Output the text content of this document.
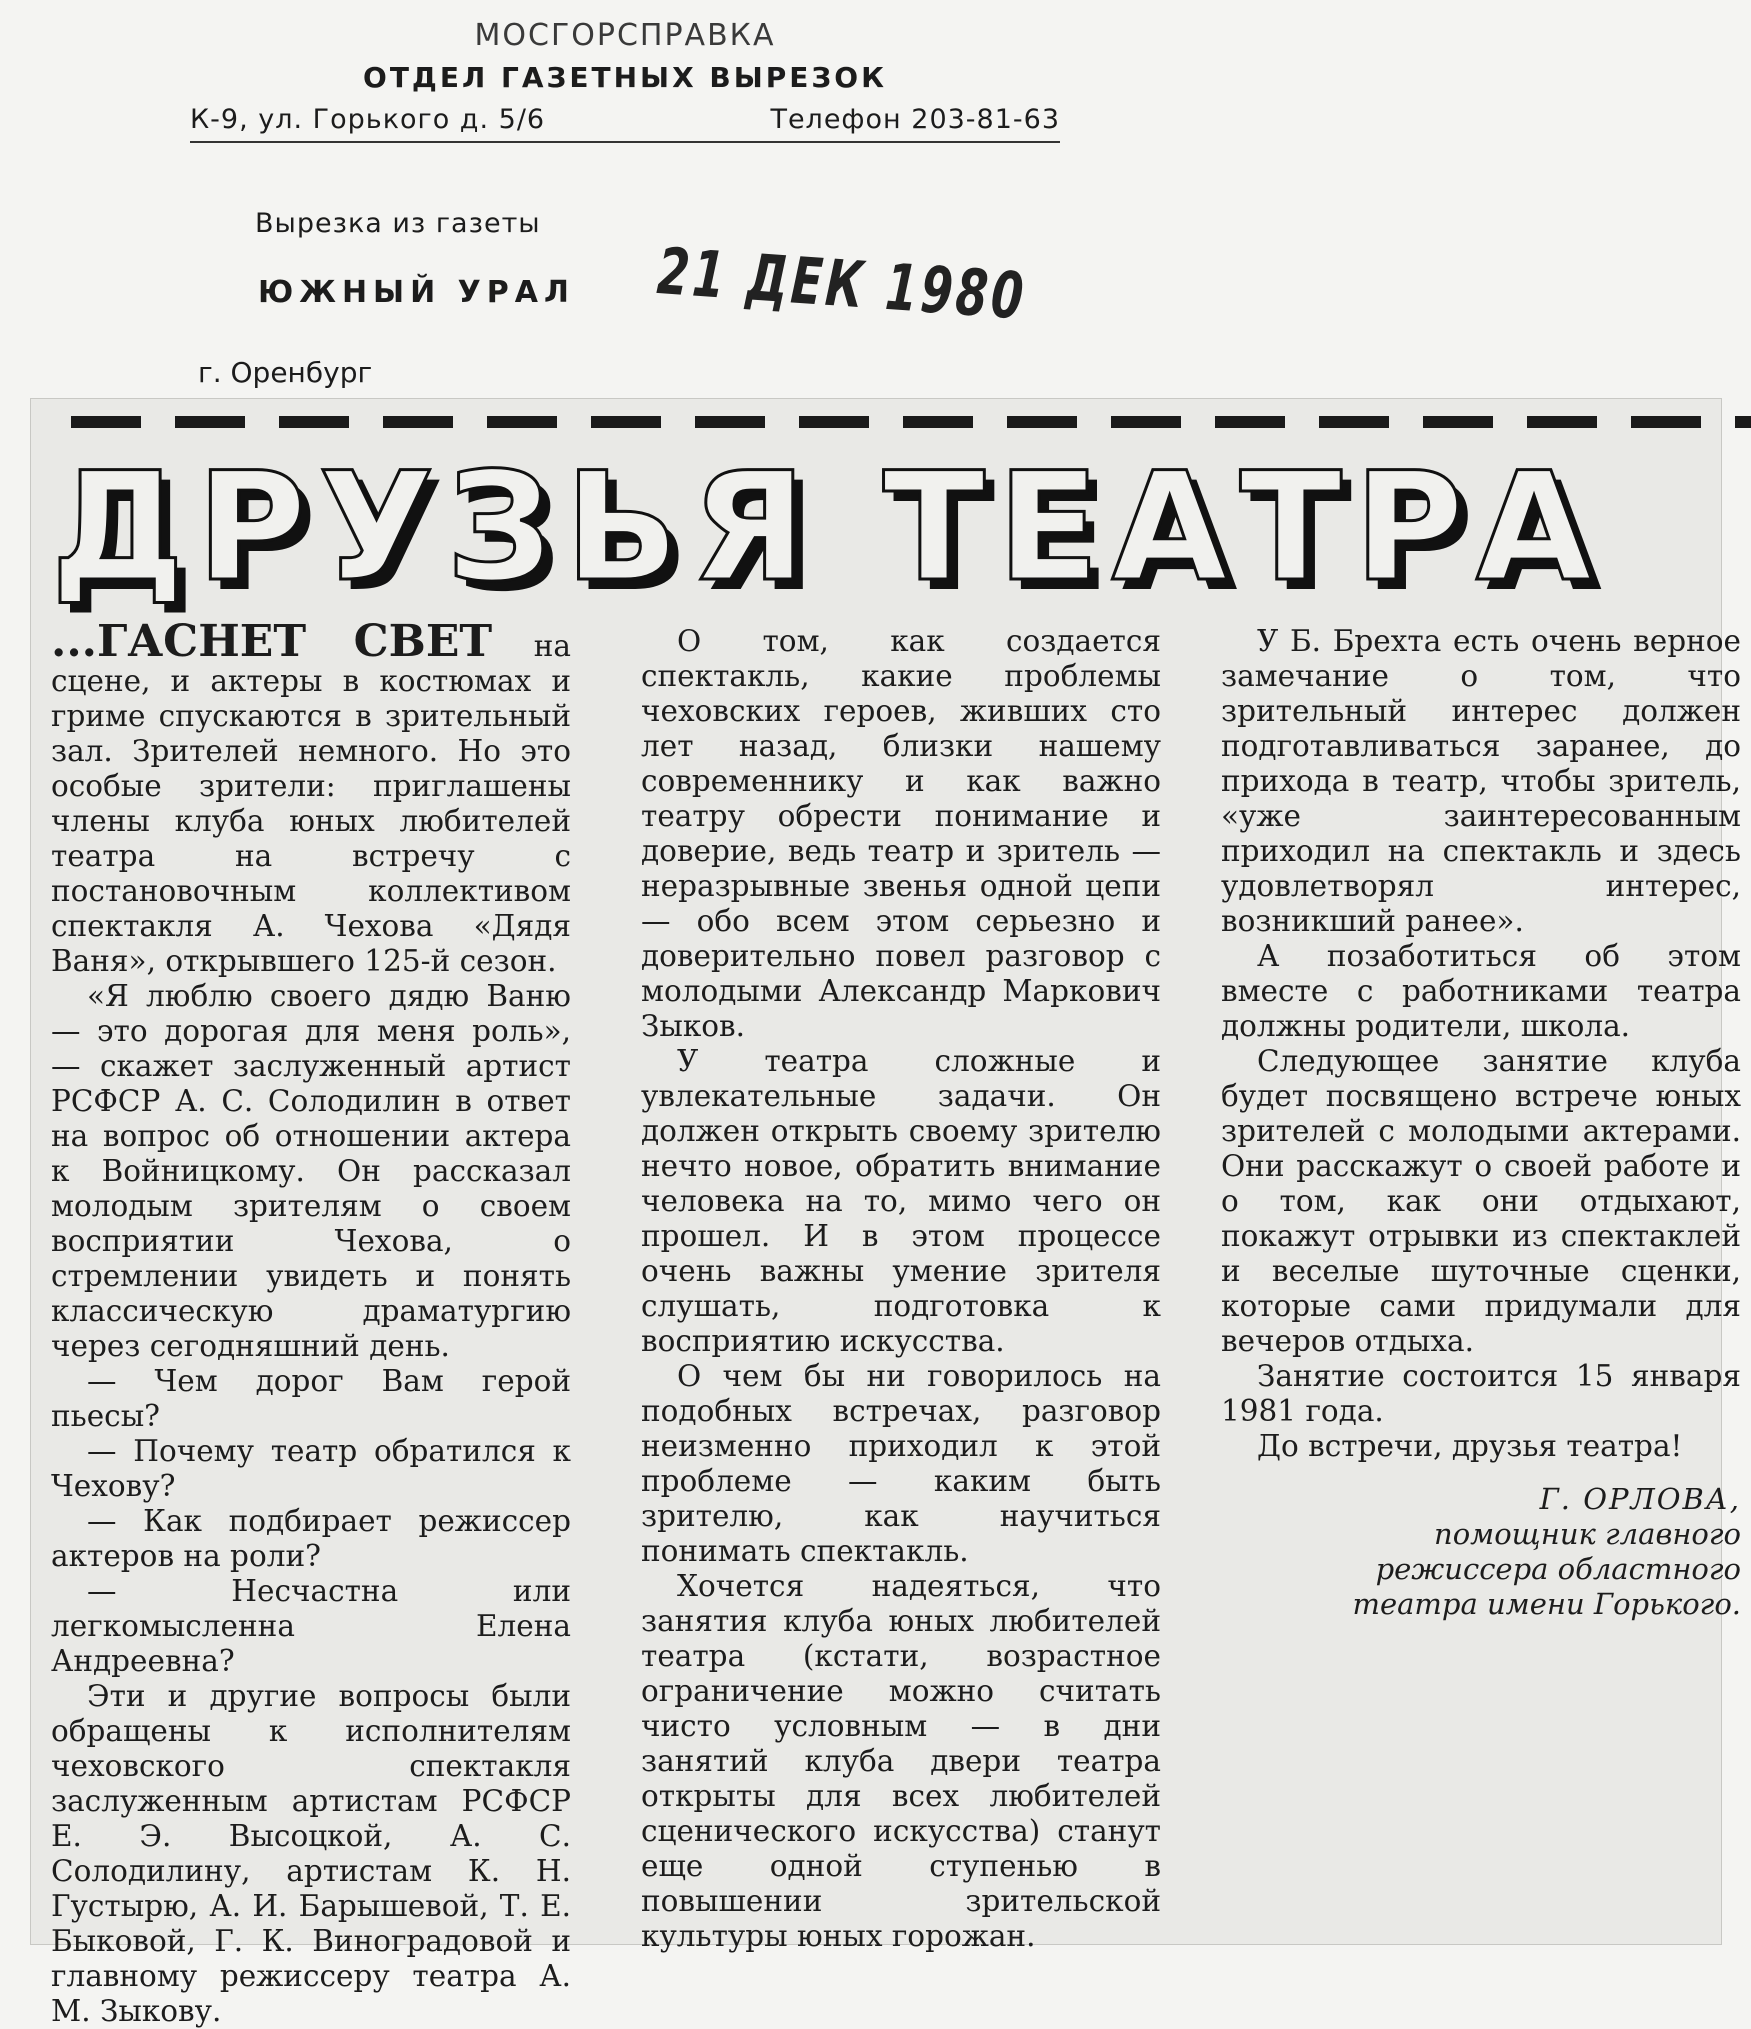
МОСГОРСПРАВКА
ОТДЕЛ ГАЗЕТНЫХ ВЫРЕЗОК
К-9, ул. Горького д. 5/6	Телефон 203-81-63
Вырезка из газеты
ЮЖНЫЙ УРАЛ
г. Оренбург
21 ДЕК 1980
ДРУЗЬЯ ТЕАТРА

...ГАСНЕТ СВЕТ на сцене, и актеры в костюмах и гриме спускаются в зрительный зал. Зрителей немного. Но это особые зрители: приглашены члены клуба юных любителей театра на встречу с постановочным коллективом спектакля А. Чехова «Дядя Ваня», открывшего 125-й сезон.

«Я люблю своего дядю Ваню — это дорогая для меня роль», — скажет заслуженный артист РСФСР А. С. Солодилин в ответ на вопрос об отношении актера к Войницкому. Он рассказал молодым зрителям о своем восприятии Чехова, о стремлении увидеть и понять классическую драматургию через сегодняшний день.

— Чем дорог Вам герой пьесы?

— Почему театр обратился к Чехову?

— Как подбирает режиссер актеров на роли?

— Несчастна или легкомысленна Елена Андреевна?

Эти и другие вопросы были обращены к исполнителям чеховского спектакля заслуженным артистам РСФСР Е. Э. Высоцкой, А. С. Солодилину, артистам К. Н. Густырю, А. И. Барышевой, Т. Е. Быковой, Г. К. Виноградовой и главному режиссеру театра А. М. Зыкову.

О том, как создается спектакль, какие проблемы чеховских героев, живших сто лет назад, близки нашему современнику и как важно театру обрести понимание и доверие, ведь театр и зритель — неразрывные звенья одной цепи — обо всем этом серьезно и доверительно повел разговор с молодыми Александр Маркович Зыков.

У театра сложные и увлекательные задачи. Он должен открыть своему зрителю нечто новое, обратить внимание человека на то, мимо чего он прошел. И в этом процессе очень важны умение зрителя слушать, подготовка к восприятию искусства.

О чем бы ни говорилось на подобных встречах, разговор неизменно приходил к этой проблеме — каким быть зрителю, как научиться понимать спектакль.

Хочется надеяться, что занятия клуба юных любителей театра (кстати, возрастное ограничение можно считать чисто условным — в дни занятий клуба двери театра открыты для всех любителей сценического искусства) станут еще одной ступенью в повышении зрительской культуры юных горожан.

У Б. Брехта есть очень верное замечание о том, что зрительный интерес должен подготавливаться заранее, до прихода в театр, чтобы зритель, «уже заинтересованным приходил на спектакль и здесь удовлетворял интерес, возникший ранее».

А позаботиться об этом вместе с работниками театра должны родители, школа.

Следующее занятие клуба будет посвящено встрече юных зрителей с молодыми актерами. Они расскажут о своей работе и о том, как они отдыхают, покажут отрывки из спектаклей и веселые шуточные сценки, которые сами придумали для вечеров отдыха.

Занятие состоится 15 января 1981 года.

До встречи, друзья театра!

Г. ОРЛОВА,
помощник главного режиссера областного театра имени Горького.
